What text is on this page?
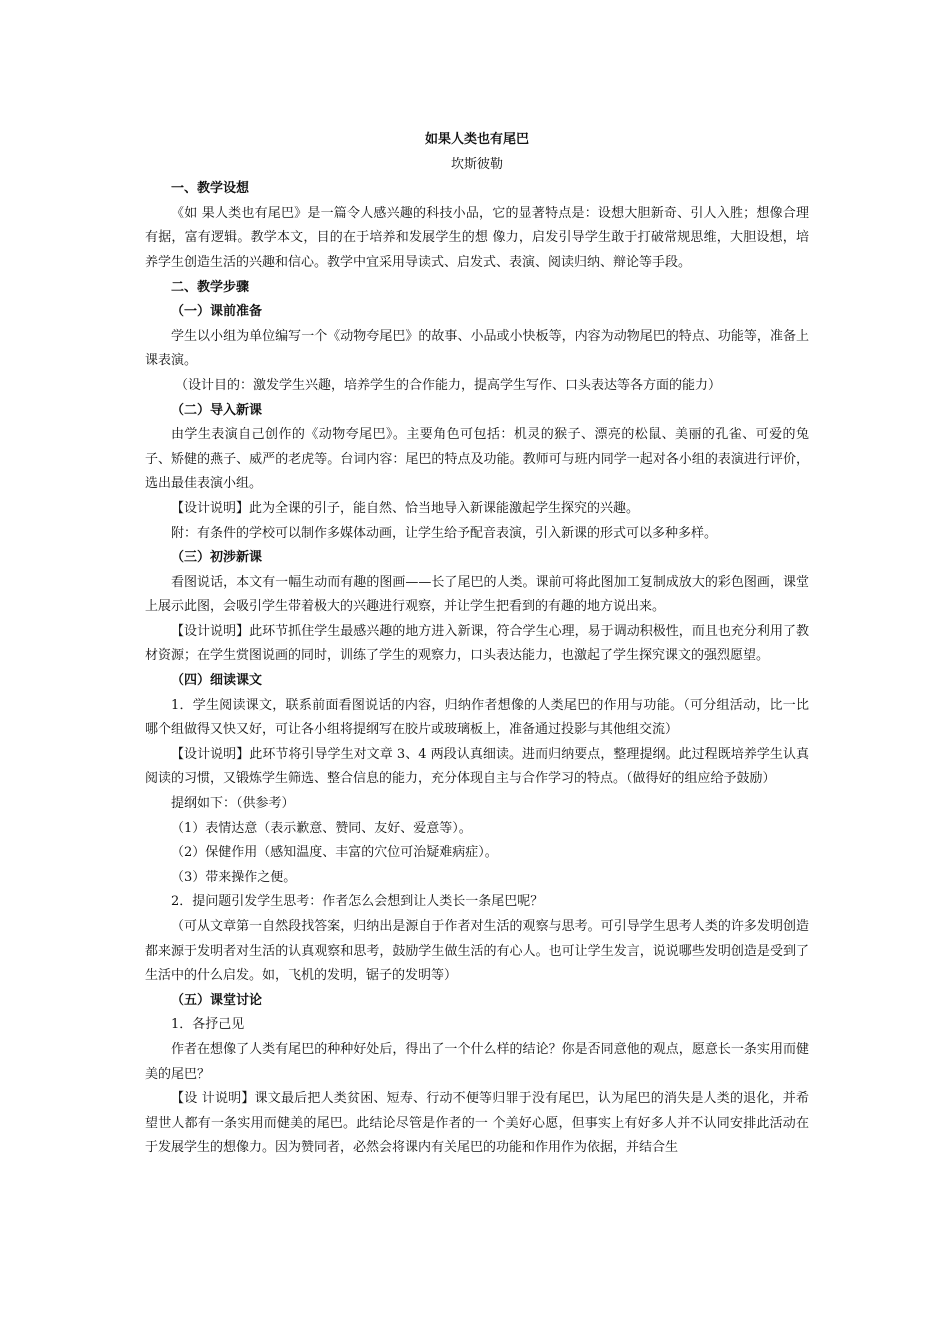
如果人类也有尾巴

坎斯彼勒

一、教学设想

《如 果人类也有尾巴》是一篇令人感兴趣的科技小品，它的显著特点是：设想大胆新奇、引人入胜；想像合理有据，富有逻辑。教学本文，目的在于培养和发展学生的想 像力，启发引导学生敢于打破常规思维，大胆设想，培养学生创造生活的兴趣和信心。教学中宜采用导读式、启发式、表演、阅读归纳、辩论等手段。

二、教学步骤

（一）课前准备

学生以小组为单位编写一个《动物夸尾巴》的故事、小品或小快板等，内容为动物尾巴的特点、功能等，准备上课表演。

（设计目的：激发学生兴趣，培养学生的合作能力，提高学生写作、口头表达等各方面的能力）

（二）导入新课

由学生表演自己创作的《动物夸尾巴》。主要角色可包括：机灵的猴子、漂亮的松鼠、美丽的孔雀、可爱的兔子、矫健的燕子、威严的老虎等。台词内容：尾巴的特点及功能。教师可与班内同学一起对各小组的表演进行评价，选出最佳表演小组。

【设计说明】此为全课的引子，能自然、恰当地导入新课能激起学生探究的兴趣。

附：有条件的学校可以制作多媒体动画，让学生给予配音表演，引入新课的形式可以多种多样。

（三）初涉新课

看图说话，本文有一幅生动而有趣的图画——长了尾巴的人类。课前可将此图加工复制成放大的彩色图画，课堂上展示此图，会吸引学生带着极大的兴趣进行观察，并让学生把看到的有趣的地方说出来。

【设计说明】此环节抓住学生最感兴趣的地方进入新课，符合学生心理，易于调动积极性，而且也充分利用了教材资源；在学生赏图说画的同时，训练了学生的观察力，口头表达能力，也激起了学生探究课文的强烈愿望。

（四）细读课文

1．学生阅读课文，联系前面看图说话的内容，归纳作者想像的人类尾巴的作用与功能。（可分组活动，比一比哪个组做得又快又好，可让各小组将提纲写在胶片或玻璃板上，准备通过投影与其他组交流）

【设计说明】此环节将引导学生对文章 3、4 两段认真细读。进而归纳要点，整理提纲。此过程既培养学生认真阅读的习惯，又锻炼学生筛选、整合信息的能力，充分体现自主与合作学习的特点。（做得好的组应给予鼓励）

提纲如下：（供参考）

（1）表情达意（表示歉意、赞同、友好、爱意等）。

（2）保健作用（感知温度、丰富的穴位可治疑难病症）。

（3）带来操作之便。

2．提问题引发学生思考：作者怎么会想到让人类长一条尾巴呢？

（可从文章第一自然段找答案，归纳出是源自于作者对生活的观察与思考。可引导学生思考人类的许多发明创造都来源于发明者对生活的认真观察和思考，鼓励学生做生活的有心人。也可让学生发言，说说哪些发明创造是受到了生活中的什么启发。如，飞机的发明，锯子的发明等）

（五）课堂讨论

1．各抒己见

作者在想像了人类有尾巴的种种好处后，得出了一个什么样的结论？你是否同意他的观点，愿意长一条实用而健美的尾巴？

【设 计说明】课文最后把人类贫困、短寿、行动不便等归罪于没有尾巴，认为尾巴的消失是人类的退化，并希望世人都有一条实用而健美的尾巴。此结论尽管是作者的一 个美好心愿，但事实上有好多人并不认同安排此活动在于发展学生的想像力。因为赞同者，必然会将课内有关尾巴的功能和作用作为依据，并结合生
